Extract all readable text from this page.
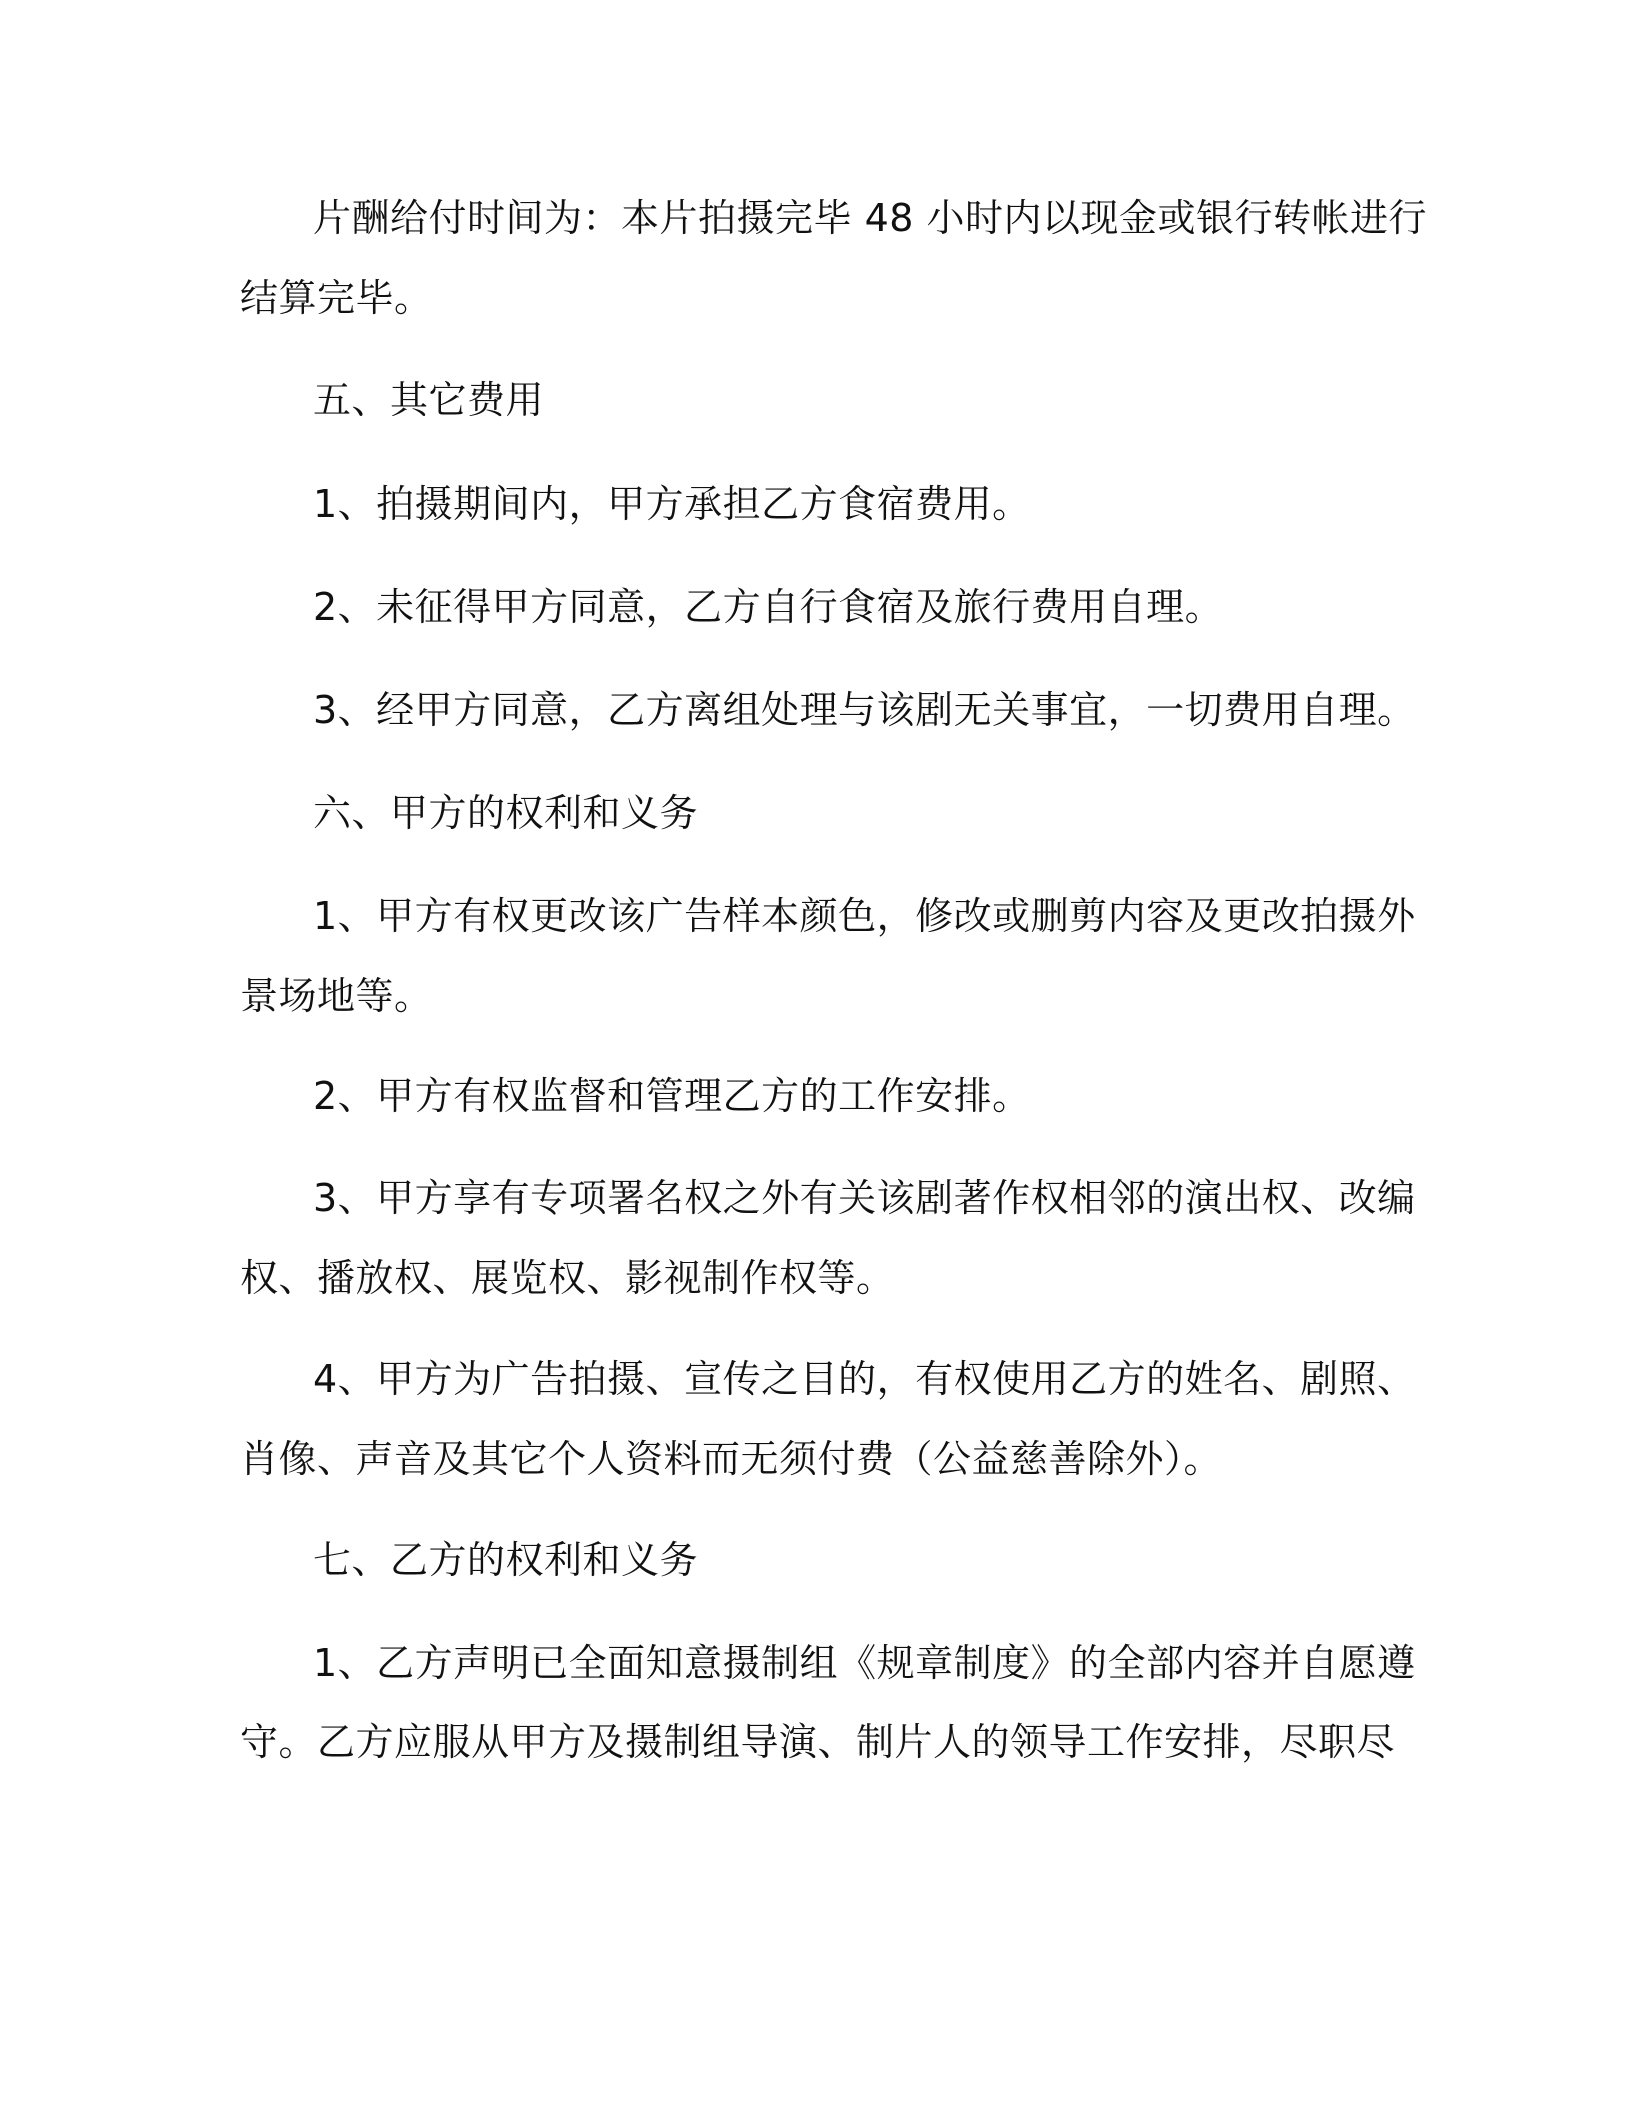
片酬给付时间为：本片拍摄完毕 48 小时内以现金或银行转帐进行
结算完毕。
五、其它费用
1、拍摄期间内，甲方承担乙方食宿费用。
2、未征得甲方同意，乙方自行食宿及旅行费用自理。
3、经甲方同意，乙方离组处理与该剧无关事宜，一切费用自理。
六、甲方的权利和义务
1、甲方有权更改该广告样本颜色，修改或删剪内容及更改拍摄外
景场地等。
2、甲方有权监督和管理乙方的工作安排。
3、甲方享有专项署名权之外有关该剧著作权相邻的演出权、改编
权、播放权、展览权、影视制作权等。
4、甲方为广告拍摄、宣传之目的，有权使用乙方的姓名、剧照、
肖像、声音及其它个人资料而无须付费（公益慈善除外）。
七、乙方的权利和义务
1、乙方声明已全面知意摄制组《规章制度》的全部内容并自愿遵
守。乙方应服从甲方及摄制组导演、制片人的领导工作安排，尽职尽
